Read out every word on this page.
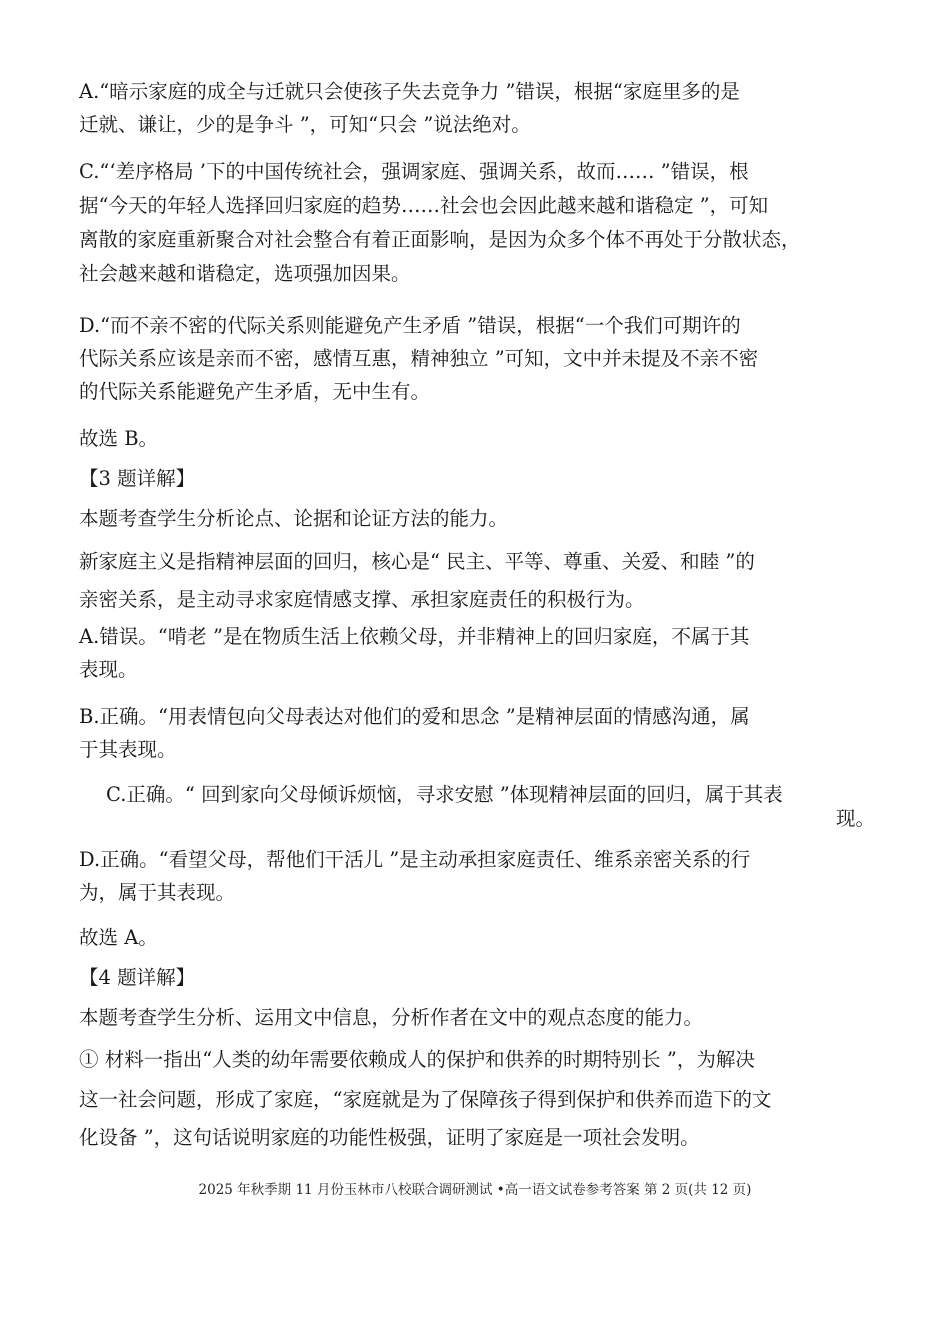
A.“暗示家庭的成全与迁就只会使孩子失去竞争力 ”错误，根据“家庭里多的是
迁就、谦让，少的是争斗 ”，可知“只会 ”说法绝对。
C.“‘差序格局 ’下的中国传统社会，强调家庭、强调关系，故而…… ”错误，根
据“今天的年轻人选择回归家庭的趋势……社会也会因此越来越和谐稳定 ”，可知
离散的家庭重新聚合对社会整合有着正面影响，是因为众多个体不再处于分散状态，
社会越来越和谐稳定，选项强加因果。
D.“而不亲不密的代际关系则能避免产生矛盾 ”错误，根据“一个我们可期许的
代际关系应该是亲而不密，感情互惠，精神独立 ”可知，文中并未提及不亲不密
的代际关系能避免产生矛盾，无中生有。
故选 B。
【3 题详解】
本题考查学生分析论点、论据和论证方法的能力。
新家庭主义是指精神层面的回归，核心是“ 民主、平等、尊重、关爱、和睦 ”的
亲密关系，是主动寻求家庭情感支撑、承担家庭责任的积极行为。
A.错误。“啃老 ”是在物质生活上依赖父母，并非精神上的回归家庭，不属于其
表现。
B.正确。“用表情包向父母表达对他们的爱和思念 ”是精神层面的情感沟通，属
于其表现。
C.正确。“ 回到家向父母倾诉烦恼，寻求安慰 ”体现精神层面的回归，属于其表
现。
D.正确。“看望父母，帮他们干活儿 ”是主动承担家庭责任、维系亲密关系的行
为，属于其表现。
故选 A。
【4 题详解】
本题考查学生分析、运用文中信息，分析作者在文中的观点态度的能力。
① 材料一指出“人类的幼年需要依赖成人的保护和供养的时期特别长 ”，为解决
这一社会问题，形成了家庭，“家庭就是为了保障孩子得到保护和供养而造下的文
化设备 ”，这句话说明家庭的功能性极强，证明了家庭是一项社会发明。
2025 年秋季期 11 月份玉林市八校联合调研测试 •高一语文试卷参考答案 第 2 页(共 12 页)
